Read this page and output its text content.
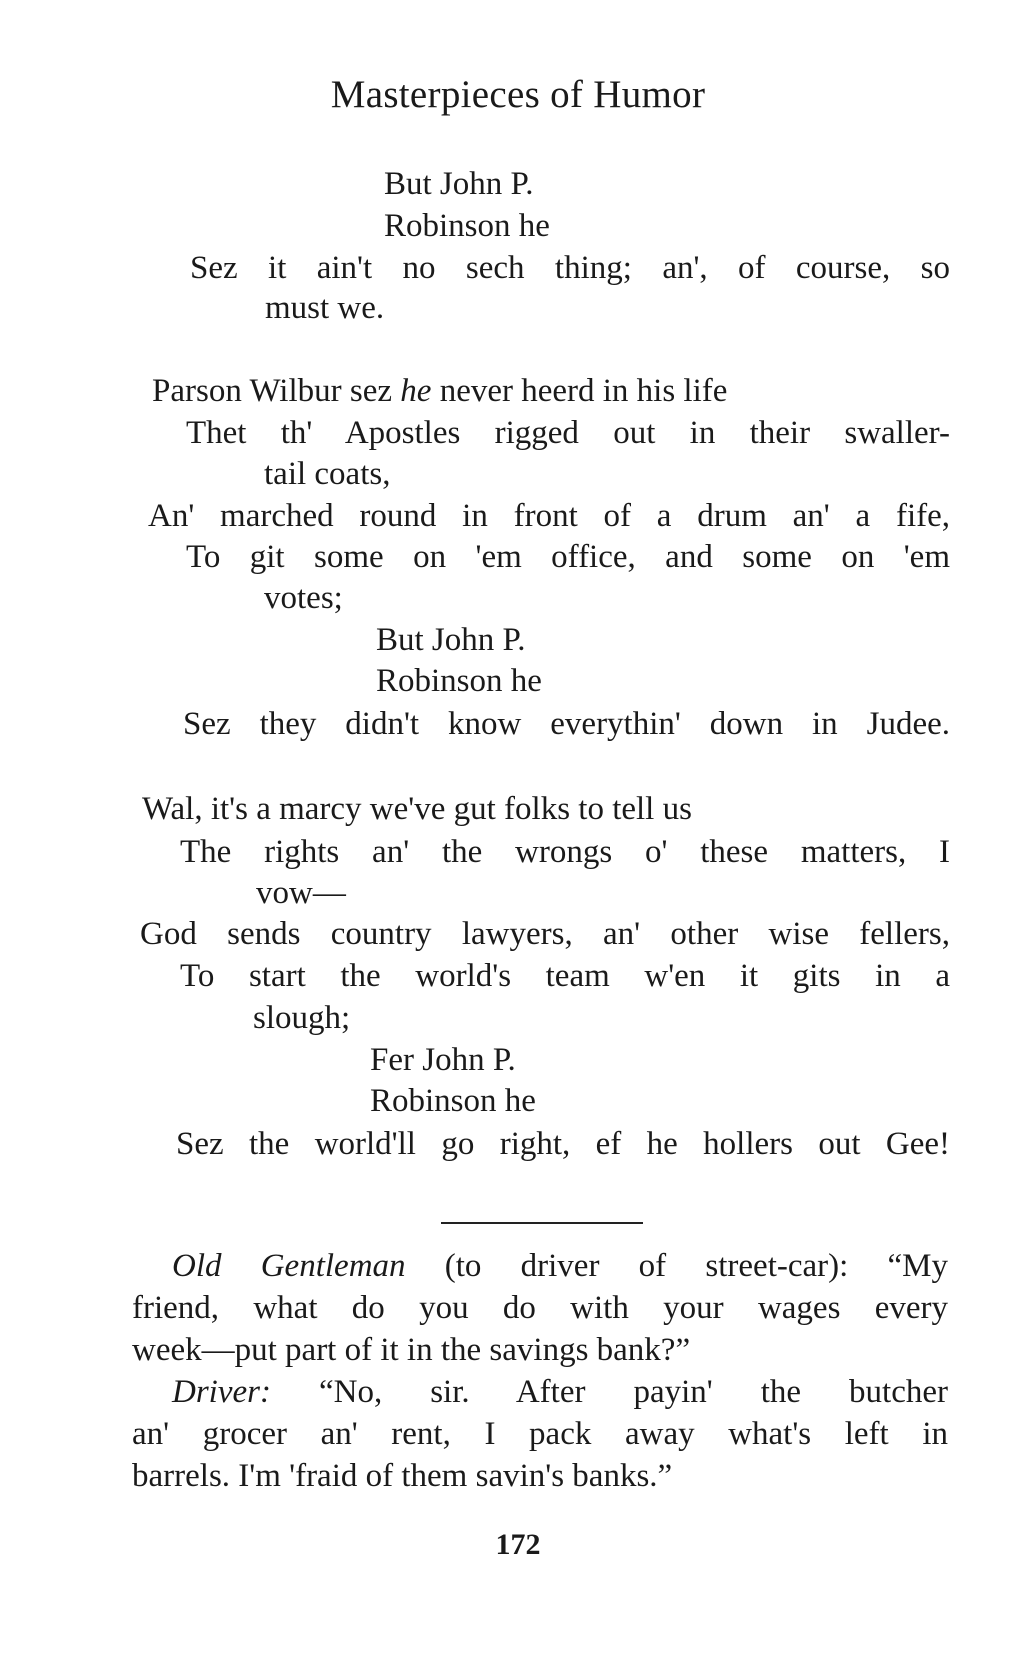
Masterpieces of Humor
But John P.
Robinson he
Sez it ain't no sech thing; an', of course, so
must we.
Parson Wilbur sez he never heerd in his life
Thet th' Apostles rigged out in their swaller-
tail coats,
An' marched round in front of a drum an' a fife,
To git some on 'em office, and some on 'em
votes;
But John P.
Robinson he
Sez they didn't know everythin' down in Judee.
Wal, it's a marcy we've gut folks to tell us
The rights an' the wrongs o' these matters, I
vow—
God sends country lawyers, an' other wise fellers,
To start the world's team w'en it gits in a
slough;
Fer John P.
Robinson he
Sez the world'll go right, ef he hollers out Gee!
Old Gentleman (to driver of street-car): “My
friend, what do you do with your wages every
week—put part of it in the savings bank?”
Driver: “No, sir. After payin' the butcher
an' grocer an' rent, I pack away what's left in
barrels. I'm 'fraid of them savin's banks.”
172
